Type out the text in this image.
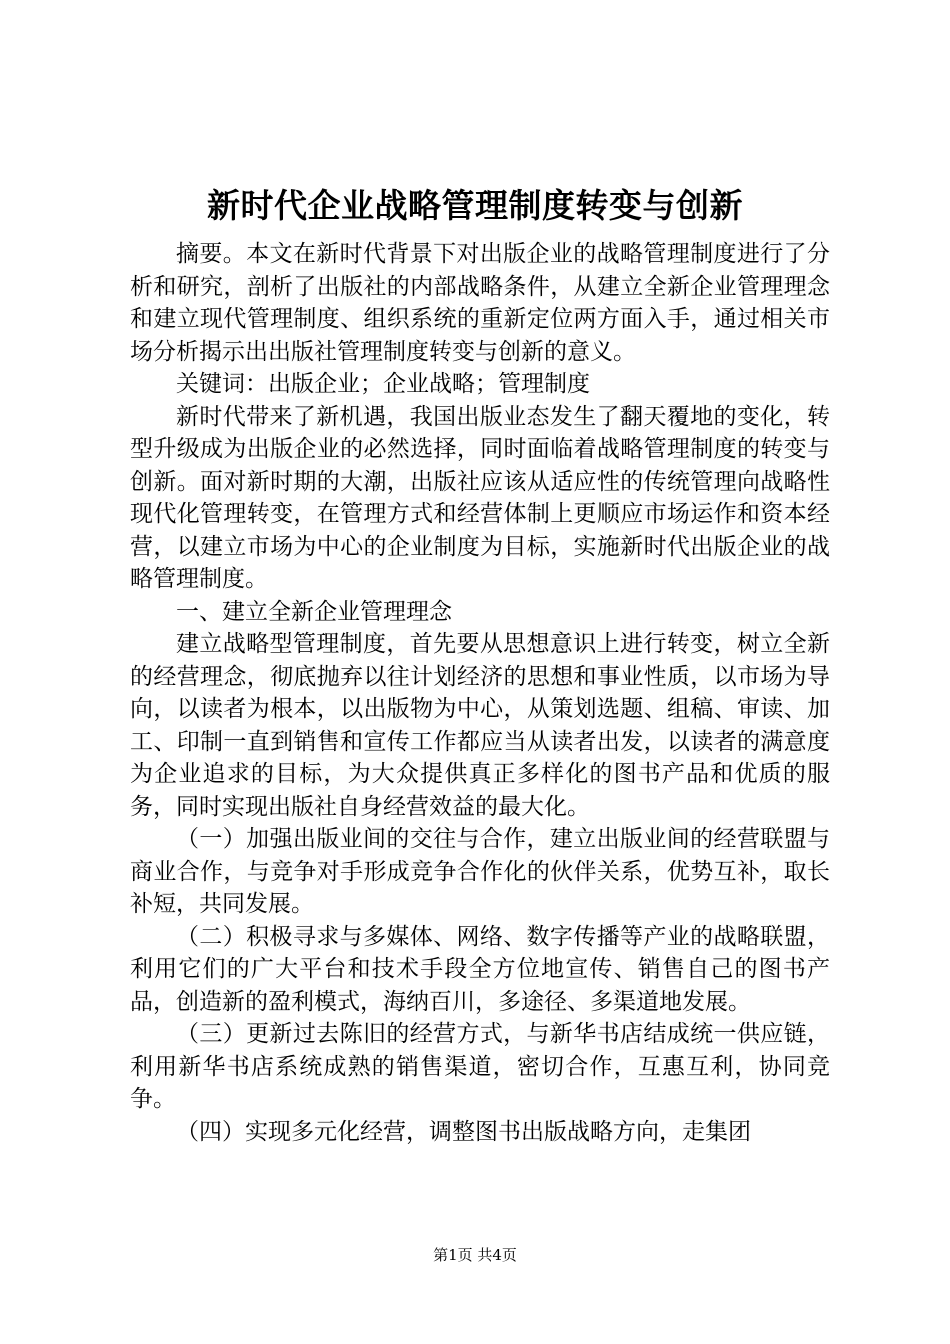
新时代企业战略管理制度转变与创新

摘要。本文在新时代背景下对出版企业的战略管理制度进行了分析和研究，剖析了出版社的内部战略条件，从建立全新企业管理理念和建立现代管理制度、组织系统的重新定位两方面入手，通过相关市场分析揭示出出版社管理制度转变与创新的意义。

关键词：出版企业；企业战略；管理制度

新时代带来了新机遇，我国出版业态发生了翻天覆地的变化，转型升级成为出版企业的必然选择，同时面临着战略管理制度的转变与创新。面对新时期的大潮，出版社应该从适应性的传统管理向战略性现代化管理转变，在管理方式和经营体制上更顺应市场运作和资本经营，以建立市场为中心的企业制度为目标，实施新时代出版企业的战略管理制度。

一、建立全新企业管理理念

建立战略型管理制度，首先要从思想意识上进行转变，树立全新的经营理念，彻底抛弃以往计划经济的思想和事业性质，以市场为导向，以读者为根本，以出版物为中心，从策划选题、组稿、审读、加工、印制一直到销售和宣传工作都应当从读者出发，以读者的满意度为企业追求的目标，为大众提供真正多样化的图书产品和优质的服务，同时实现出版社自身经营效益的最大化。

（一）加强出版业间的交往与合作，建立出版业间的经营联盟与商业合作，与竞争对手形成竞争合作化的伙伴关系，优势互补，取长补短，共同发展。

（二）积极寻求与多媒体、网络、数字传播等产业的战略联盟，利用它们的广大平台和技术手段全方位地宣传、销售自己的图书产品，创造新的盈利模式，海纳百川，多途径、多渠道地发展。

（三）更新过去陈旧的经营方式，与新华书店结成统一供应链，利用新华书店系统成熟的销售渠道，密切合作，互惠互利，协同竞争。

（四）实现多元化经营，调整图书出版战略方向，走集团

第1页 共4页
